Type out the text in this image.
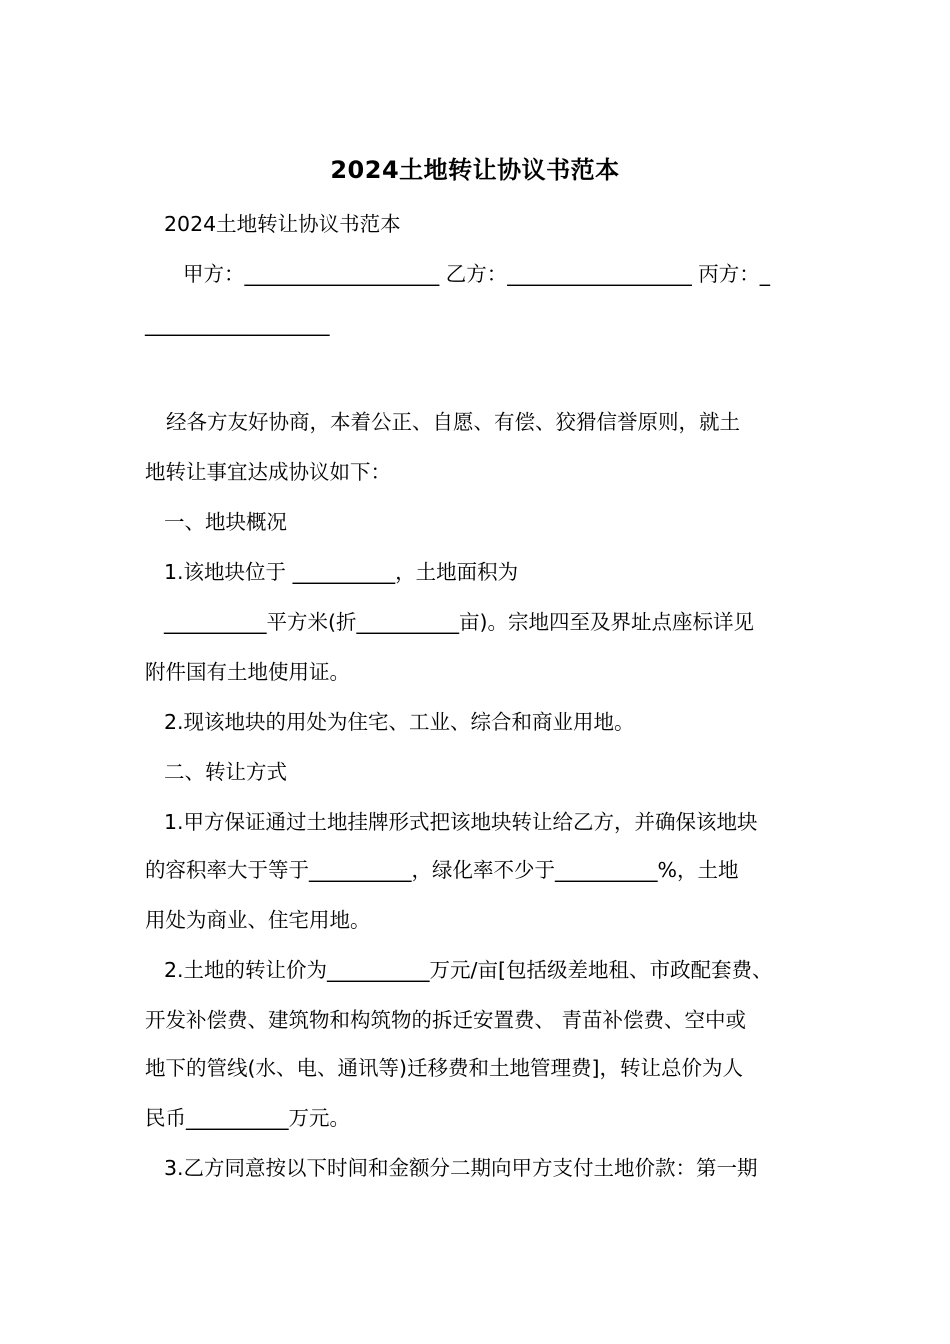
2024土地转让协议书范本
2024土地转让协议书范本
甲方：___________________ 乙方：__________________ 丙方：_
__________________
经各方友好协商，本着公正、自愿、有偿、狡猾信誉原则，就土
地转让事宜达成协议如下：
一、地块概况
1.该地块位于 __________，土地面积为
__________平方米(折__________亩)。宗地四至及界址点座标详见
附件国有土地使用证。
2.现该地块的用处为住宅、工业、综合和商业用地。
二、转让方式
1.甲方保证通过土地挂牌形式把该地块转让给乙方，并确保该地块
的容积率大于等于__________，绿化率不少于__________%，土地
用处为商业、住宅用地。
2.土地的转让价为__________万元/亩[包括级差地租、市政配套费、
开发补偿费、建筑物和构筑物的拆迁安置费、 青苗补偿费、空中或
地下的管线(水、电、通讯等)迁移费和土地管理费]，转让总价为人
民币__________万元。
3.乙方同意按以下时间和金额分二期向甲方支付土地价款：第一期
